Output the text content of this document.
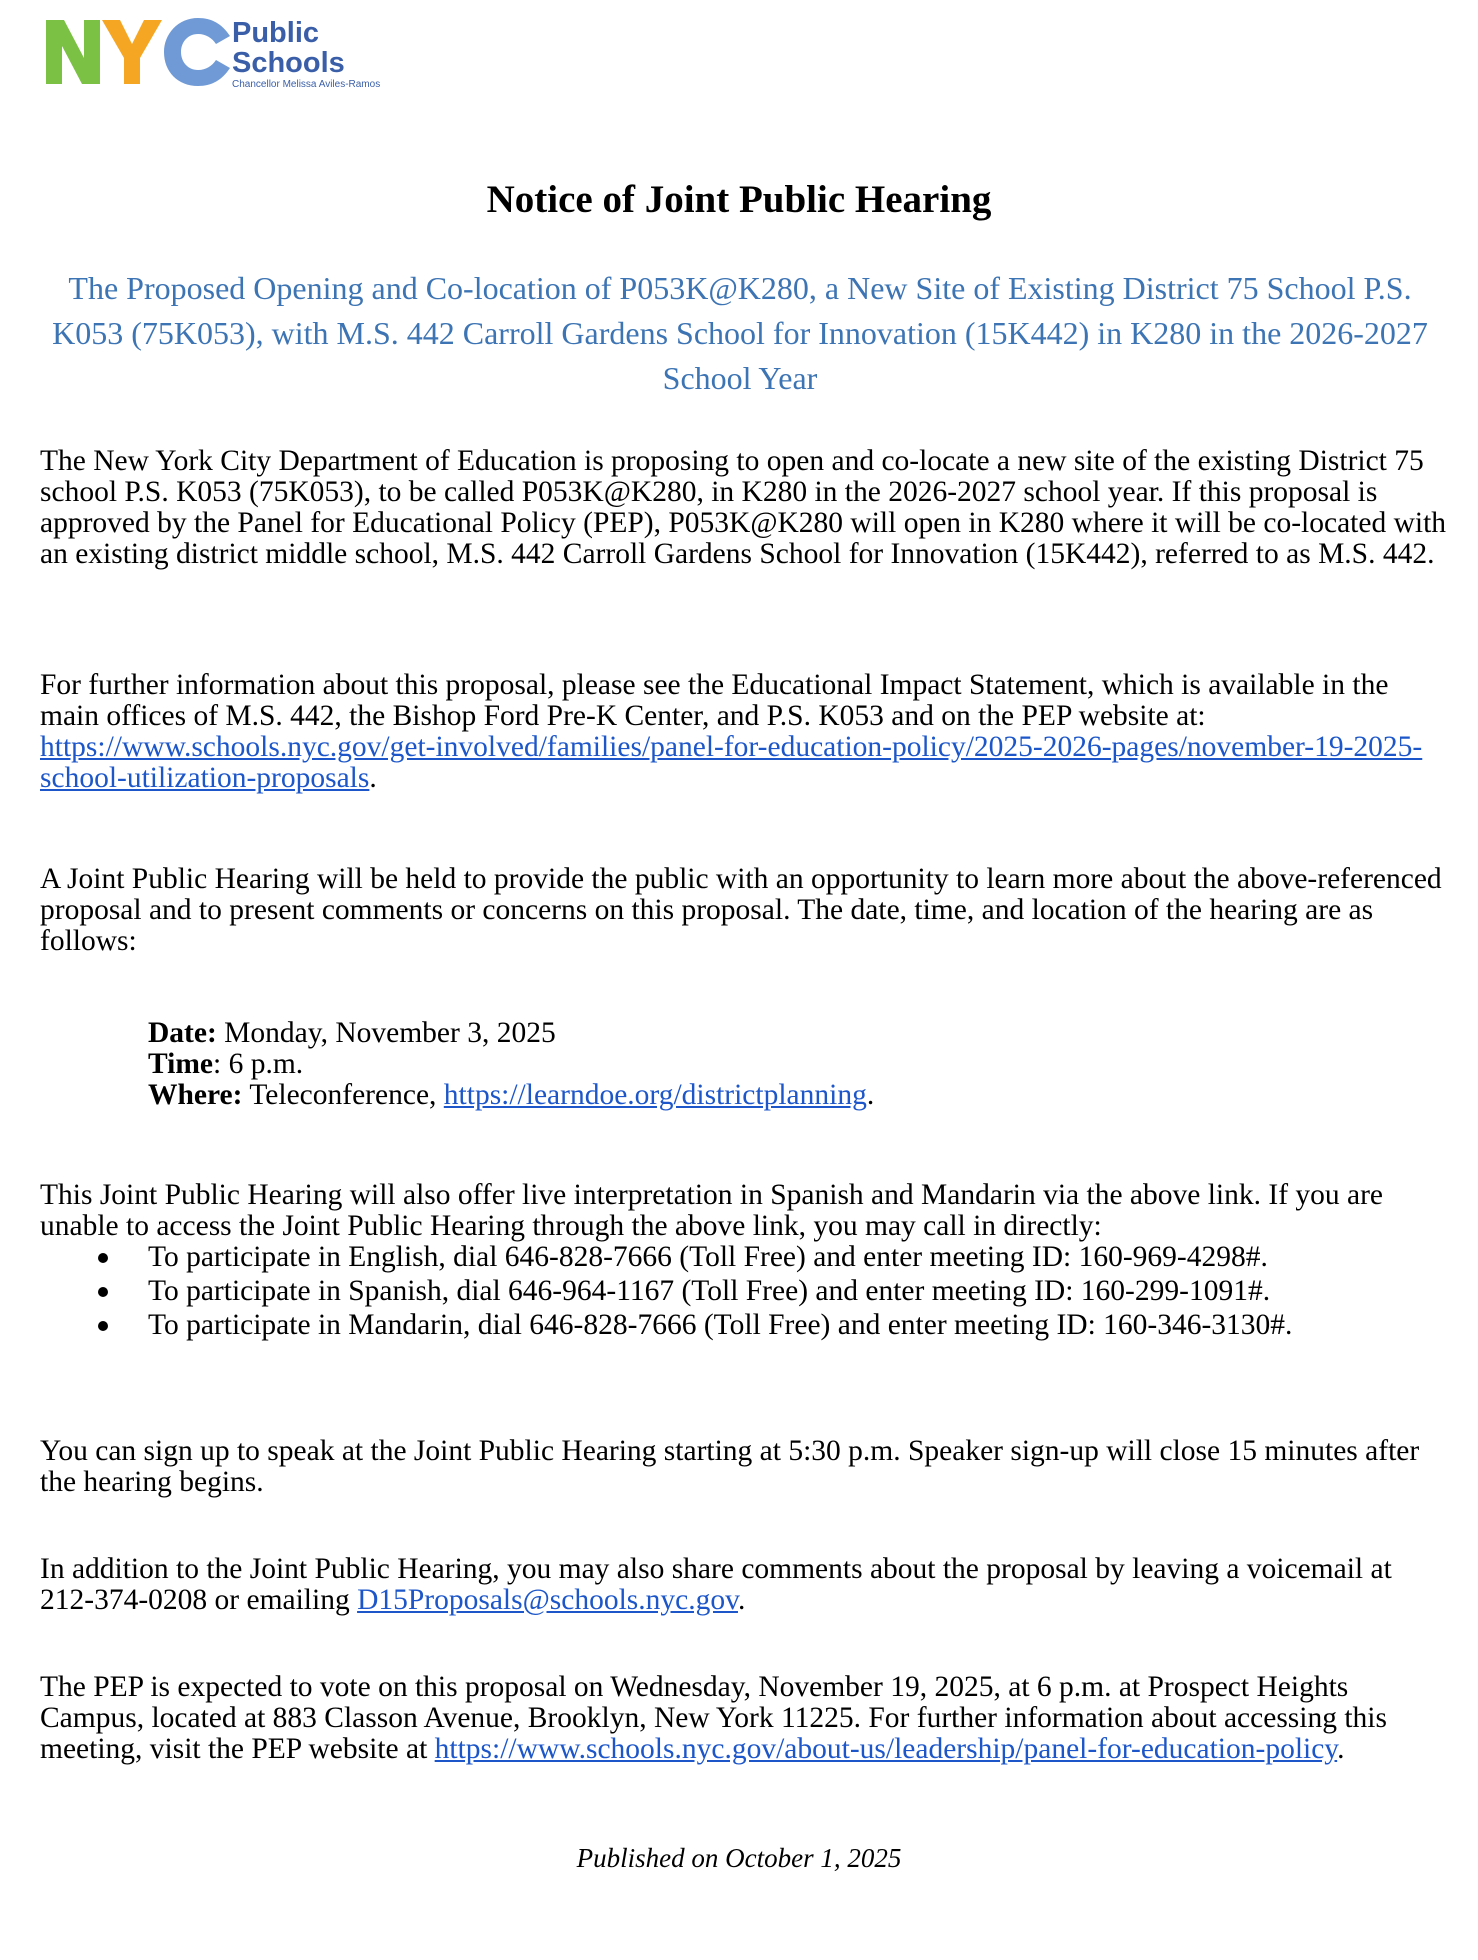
Public
Schools
Chancellor Melissa Aviles-Ramos
Notice of Joint Public Hearing
The Proposed Opening and Co-location of P053K@K280, a New Site of Existing District 75 School P.S. K053 (75K053), with M.S. 442 Carroll Gardens School for Innovation (15K442) in K280 in the 2026-2027 School Year

The New York City Department of Education is proposing to open and co-locate a new site of the existing District 75 school P.S. K053 (75K053), to be called P053K@K280, in K280 in the 2026-2027 school year. If this proposal is approved by the Panel for Educational Policy (PEP), P053K@K280 will open in K280 where it will be co-located with an existing district middle school, M.S. 442 Carroll Gardens School for Innovation (15K442), referred to as M.S. 442.

For further information about this proposal, please see the Educational Impact Statement, which is available in the main offices of M.S. 442, the Bishop Ford Pre-K Center, and P.S. K053 and on the PEP website at: https://www.schools.nyc.gov/get-involved/families/panel-for-education-policy/2025-2026-pages/november-19-2025-school-utilization-proposals.

A Joint Public Hearing will be held to provide the public with an opportunity to learn more about the above-referenced proposal and to present comments or concerns on this proposal. The date, time, and location of the hearing are as follows:

Date: Monday, November 3, 2025
Time: 6 p.m.
Where: Teleconference, https://learndoe.org/districtplanning.

This Joint Public Hearing will also offer live interpretation in Spanish and Mandarin via the above link. If you are unable to access the Joint Public Hearing through the above link, you may call in directly:

To participate in English, dial 646-828-7666 (Toll Free) and enter meeting ID: 160-969-4298#.
To participate in Spanish, dial 646-964-1167 (Toll Free) and enter meeting ID: 160-299-1091#.
To participate in Mandarin, dial 646-828-7666 (Toll Free) and enter meeting ID: 160-346-3130#.

You can sign up to speak at the Joint Public Hearing starting at 5:30 p.m. Speaker sign-up will close 15 minutes after the hearing begins.

In addition to the Joint Public Hearing, you may also share comments about the proposal by leaving a voicemail at 212-374-0208 or emailing D15Proposals@schools.nyc.gov.

The PEP is expected to vote on this proposal on Wednesday, November 19, 2025, at 6 p.m. at Prospect Heights Campus, located at 883 Classon Avenue, Brooklyn, New York 11225. For further information about accessing this meeting, visit the PEP website at https://www.schools.nyc.gov/about-us/leadership/panel-for-education-policy.

Published on October 1, 2025
